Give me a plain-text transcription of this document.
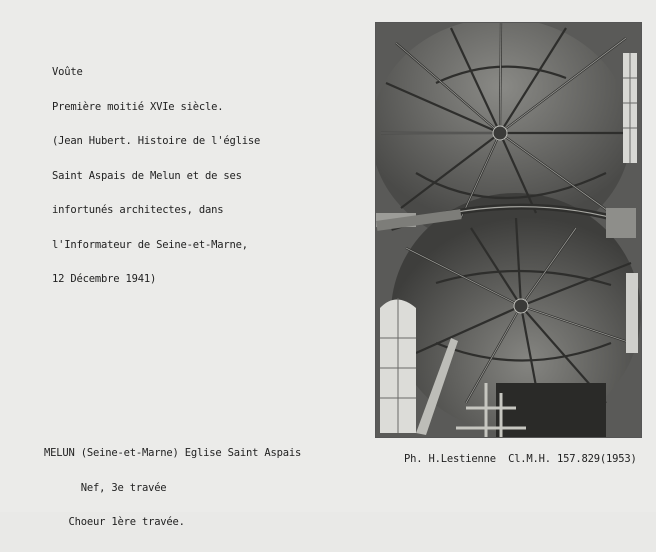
Voûte

Première moitié XVIe siècle.

(Jean Hubert. Histoire de l'église

Saint Aspais de Melun et de ses

infortunés architectes, dans

l'Informateur de Seine-et-Marne,

12 Décembre 1941)

MELUN (Seine-et-Marne) Eglise Saint Aspais

Nef, 3e travée

Choeur 1ère travée.

Ph. H.Lestienne  Cl.M.H. 157.829(1953)
